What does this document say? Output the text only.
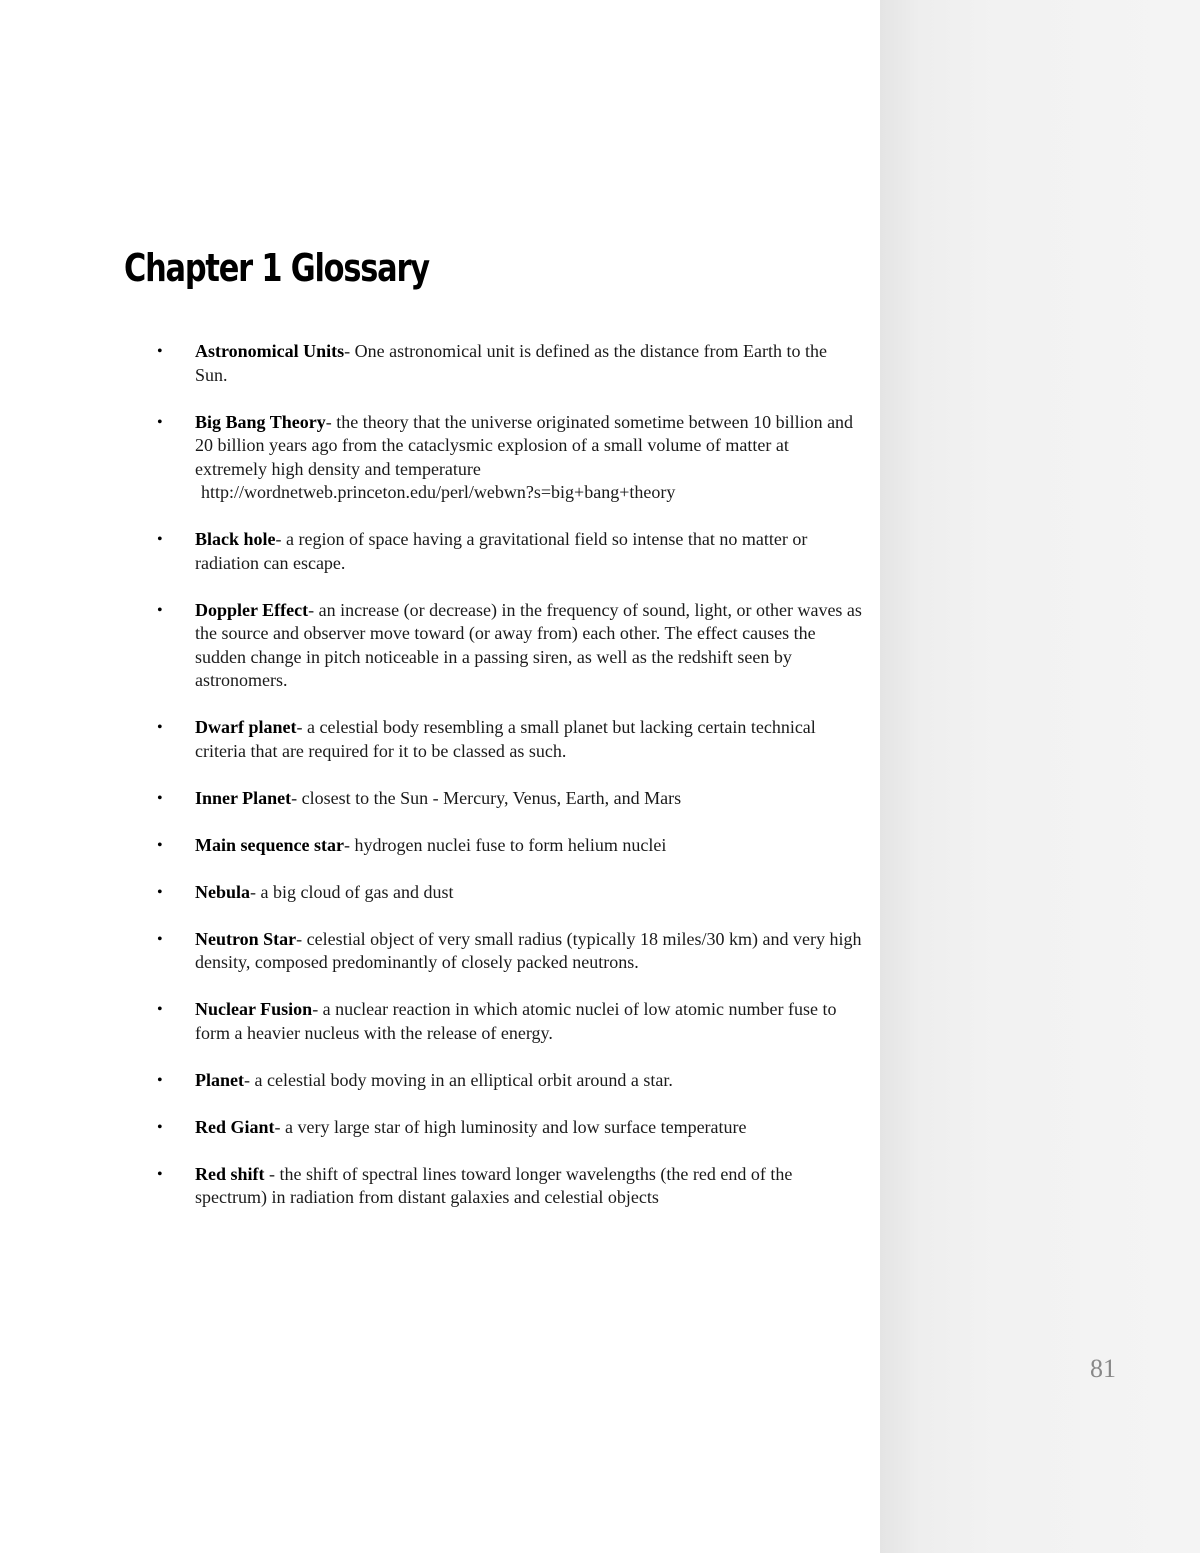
Chapter 1 Glossary
•	Astronomical Units- One astronomical unit is defined as the distance from Earth to the Sun.
•	Big Bang Theory- the theory that the universe originated sometime between 10 billion and 20 billion years ago from the cataclysmic explosion of a small volume of matter at extremely high density and temperature
http://wordnetweb.princeton.edu/perl/webwn?s=big+bang+theory
•	Black hole- a region of space having a gravitational field so intense that no matter or radiation can escape.
•	Doppler Effect- an increase (or decrease) in the frequency of sound, light, or other waves as the source and observer move toward (or away from) each other. The effect causes the sudden change in pitch noticeable in a passing siren, as well as the redshift seen by astronomers.
•	Dwarf planet- a celestial body resembling a small planet but lacking certain technical criteria that are required for it to be classed as such.
•	Inner Planet- closest to the Sun - Mercury, Venus, Earth, and Mars
•	Main sequence star- hydrogen nuclei fuse to form helium nuclei
•	Nebula- a big cloud of gas and dust
•	Neutron Star- celestial object of very small radius (typically 18 miles/30 km) and very high density, composed predominantly of closely packed neutrons.
•	Nuclear Fusion- a nuclear reaction in which atomic nuclei of low atomic number fuse to form a heavier nucleus with the release of energy.
•	Planet- a celestial body moving in an elliptical orbit around a star.
•	Red Giant- a very large star of high luminosity and low surface temperature
•	Red shift - the shift of spectral lines toward longer wavelengths (the red end of the spectrum) in radiation from distant galaxies and celestial objects
81
